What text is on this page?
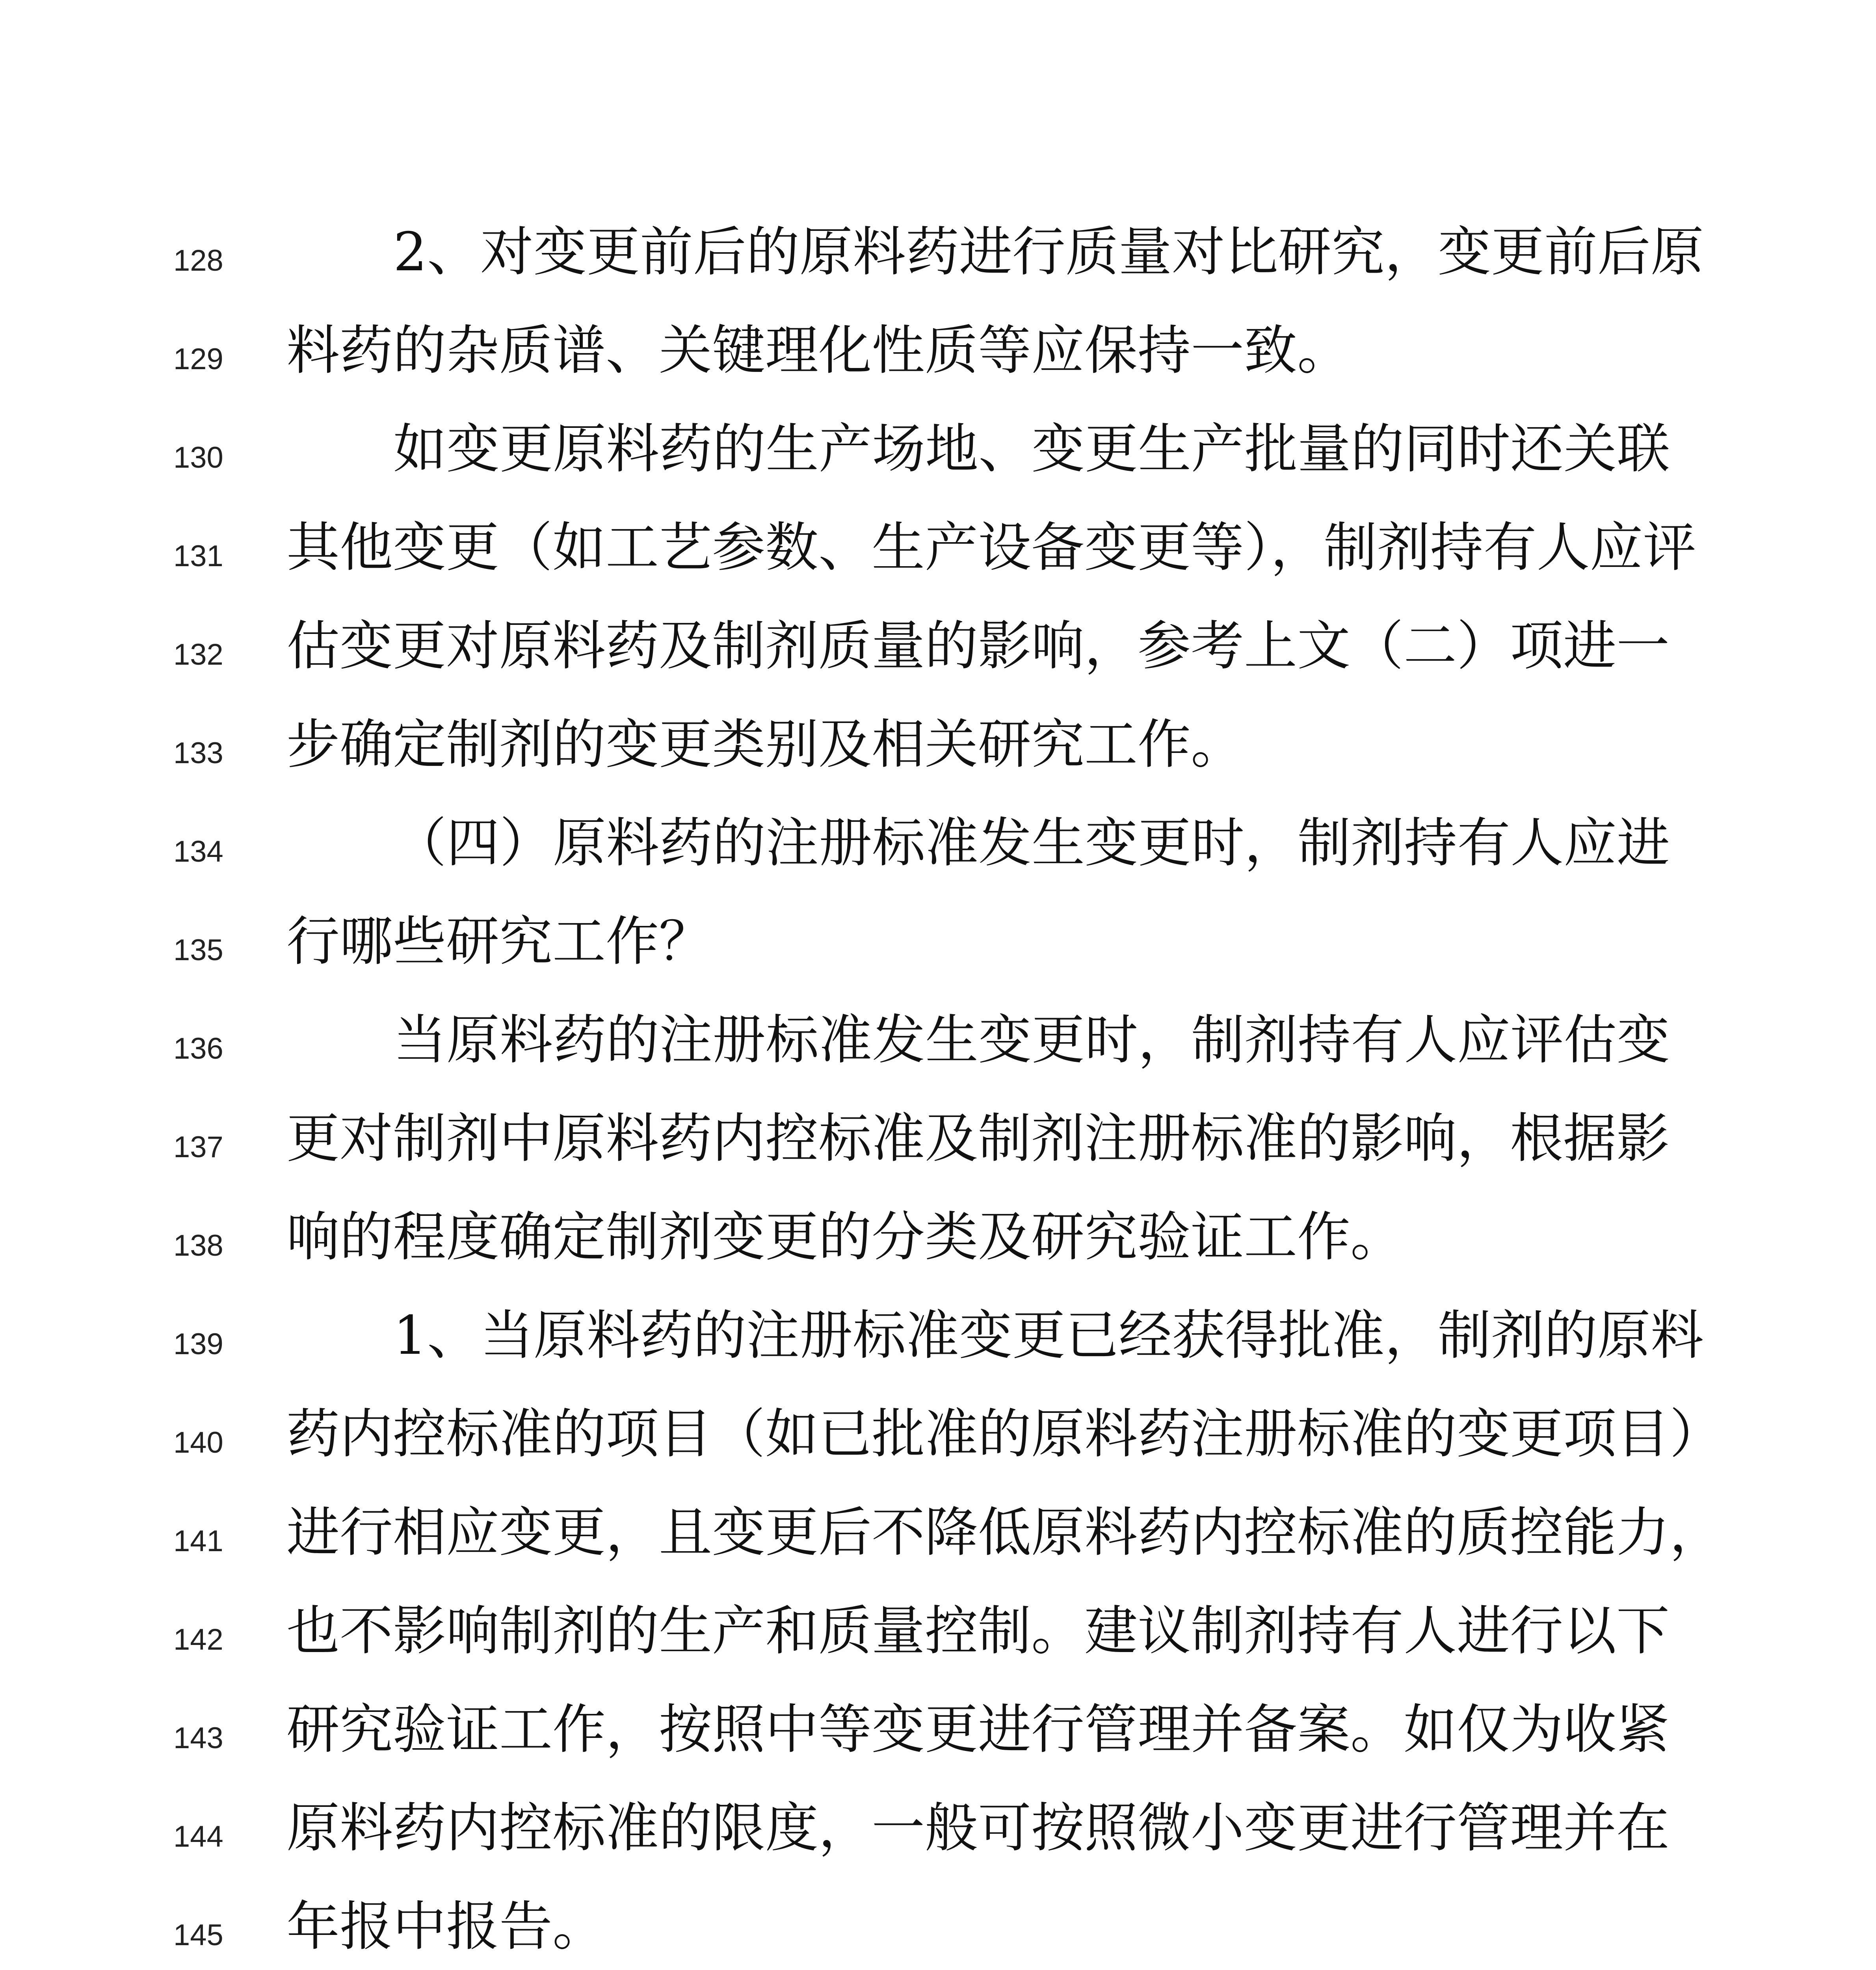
128	2、对变更前后的原料药进行质量对比研究，变更前后原
129	料药的杂质谱、关键理化性质等应保持一致。
130	如变更原料药的生产场地、变更生产批量的同时还关联
131	其他变更（如工艺参数、生产设备变更等），制剂持有人应评
132	估变更对原料药及制剂质量的影响，参考上文（二）项进一
133	步确定制剂的变更类别及相关研究工作。
134	（四）原料药的注册标准发生变更时，制剂持有人应进
135	行哪些研究工作？
136	当原料药的注册标准发生变更时，制剂持有人应评估变
137	更对制剂中原料药内控标准及制剂注册标准的影响，根据影
138	响的程度确定制剂变更的分类及研究验证工作。
139	1、当原料药的注册标准变更已经获得批准，制剂的原料
140	药内控标准的项目（如已批准的原料药注册标准的变更项目）
141	进行相应变更，且变更后不降低原料药内控标准的质控能力，
142	也不影响制剂的生产和质量控制。建议制剂持有人进行以下
143	研究验证工作，按照中等变更进行管理并备案。如仅为收紧
144	原料药内控标准的限度，一般可按照微小变更进行管理并在
145	年报中报告。
